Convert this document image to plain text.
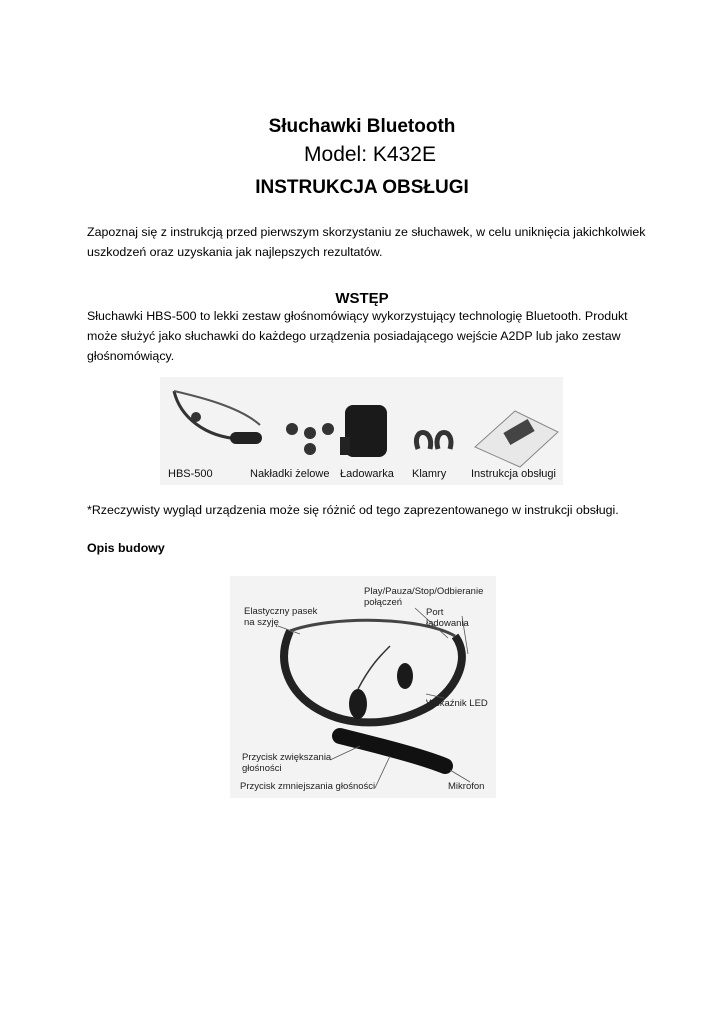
Słuchawki Bluetooth
Model: K432E
INSTRUKCJA OBSŁUGI
Zapoznaj się z instrukcją przed pierwszym skorzystaniu ze słuchawek, w celu uniknięcia jakichkolwiek uszkodzeń oraz uzyskania jak najlepszych rezultatów.
WSTĘP
Słuchawki HBS-500 to lekki zestaw głośnomówiący wykorzystujący technologię Bluetooth. Produkt może służyć jako słuchawki do każdego urządzenia posiadającego wejście A2DP lub jako zestaw głośnomówiący.
HBS-500	Nakładki żelowe Ładowarka Klamry Instrukcja obsługi
*Rzeczywisty wygląd urządzenia może się różnić od tego zaprezentowanego w instrukcji obsługi.
Opis budowy
Elastyczny pasek na szyję
Play/Pauza/Stop/Odbieranie połączeń
Port ładowania
Wskaźnik LED
Przycisk zwiększania głośności
Przycisk zmniejszania głośności	Mikrofon
